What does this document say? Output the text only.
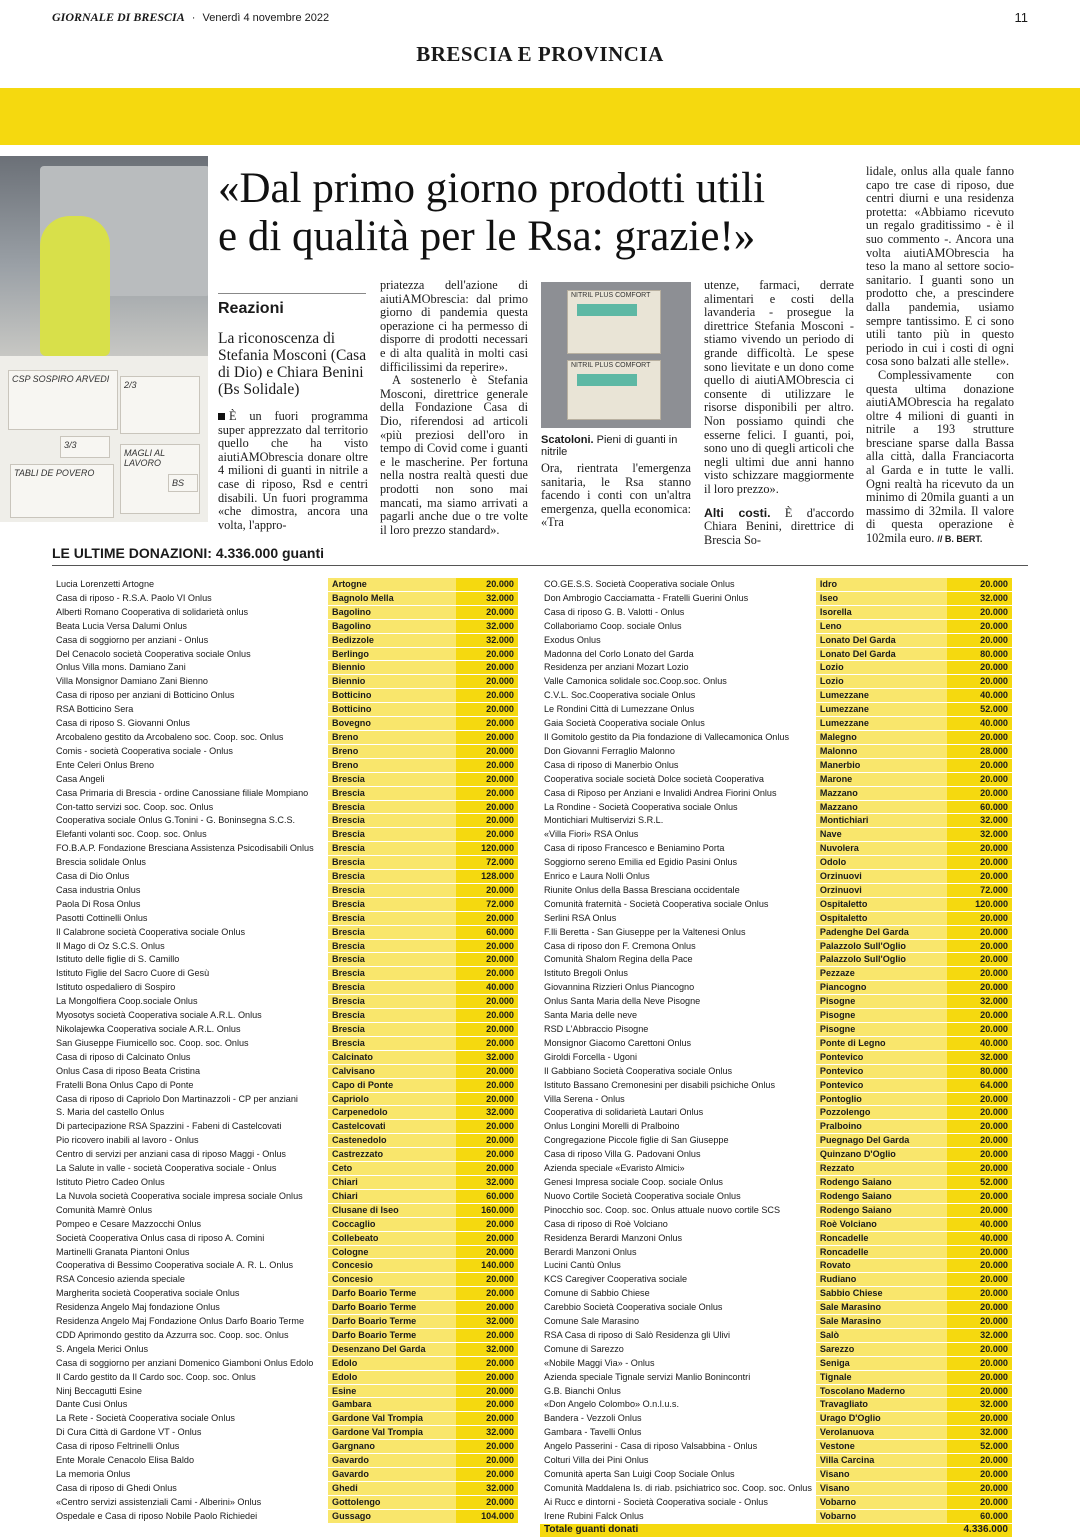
GIORNALE DI BRESCIA · Venerdì 4 novembre 2022	11
BRESCIA E PROVINCIA
CSP SOSPIRO ARVEDI
2/3
3/3
MAGLI AL LAVORO
TABLI DE POVERO
BS
«Dal primo giorno prodotti utili
e di qualità per le Rsa: grazie!»
Reazioni
La riconoscenza di Stefania Mosconi (Casa di Dio) e Chiara Benini (Bs Solidale)
È un fuori programma super apprezzato dal territorio quello che ha visto aiutiAMObrescia donare oltre 4 milioni di guanti in nitrile a case di riposo, Rsd e centri disabili. Un fuori programma «che dimostra, ancora una volta, l'appro-
priatezza dell'azione di aiutiAMObrescia: dal primo giorno di pandemia questa operazione ci ha permesso di disporre di prodotti necessari e di alta qualità in molti casi difficilissimi da reperire».
A sostenerlo è Stefania Mosconi, direttrice generale della Fondazione Casa di Dio, riferendosi ad articoli «più preziosi dell'oro in tempo di Covid come i guanti e le mascherine. Per fortuna nella nostra realtà questi due prodotti non sono mai mancati, ma siamo arrivati a pagarli anche due o tre volte il loro prezzo standard».
NITRIL PLUS COMFORT
NITRIL PLUS COMFORT
Scatoloni. Pieni di guanti in nitrile
Ora, rientrata l'emergenza sanitaria, le Rsa stanno facendo i conti con un'altra emergenza, quella economica: «Tra
utenze, farmaci, derrate alimentari e costi della lavanderia - prosegue la direttrice Stefania Mosconi - stiamo vivendo un periodo di grande difficoltà. Le spese sono lievitate e un dono come quello di aiutiAMObrescia ci consente di utilizzare le risorse disponibili per altro. Non possiamo quindi che esserne felici. I guanti, poi, sono uno di quegli articoli che negli ultimi due anni hanno visto schizzare maggiormente il loro prezzo».
Alti costi. È d'accordo Chiara Benini, direttrice di Brescia So-
lidale, onlus alla quale fanno capo tre case di riposo, due centri diurni e una residenza protetta: «Abbiamo ricevuto un regalo graditissimo - è il suo commento -. Ancora una volta aiutiAMObrescia ha teso la mano al settore socio-sanitario. I guanti sono un prodotto che, a prescindere dalla pandemia, usiamo sempre tantissimo. E ci sono utili tanto più in questo periodo in cui i costi di ogni cosa sono balzati alle stelle».
Complessivamente con questa ultima donazione aiutiAMObrescia ha regalato oltre 4 milioni di guanti in nitrile a 193 strutture bresciane sparse dalla Bassa alla città, dalla Franciacorta al Garda e in tutte le valli. Ogni realtà ha ricevuto da un minimo di 20mila guanti a un massimo di 32mila. Il valore di questa operazione è 102mila euro. // B. BERT.
LE ULTIME DONAZIONI: 4.336.000 guanti
Lucia Lorenzetti Artogne	Artogne	20.000
Casa di riposo - R.S.A. Paolo VI Onlus	Bagnolo Mella	32.000
Alberti Romano Cooperativa di solidarietà onlus	Bagolino	20.000
Beata Lucia Versa Dalumi Onlus	Bagolino	32.000
Casa di soggiorno per anziani - Onlus	Bedizzole	32.000
Del Cenacolo società Cooperativa sociale Onlus	Berlingo	20.000
Onlus Villa mons. Damiano Zani	Biennio	20.000
Villa Monsignor Damiano Zani Bienno	Biennio	20.000
Casa di riposo per anziani di Botticino Onlus	Botticino	20.000
RSA Botticino Sera	Botticino	20.000
Casa di riposo S. Giovanni Onlus	Bovegno	20.000
Arcobaleno gestito da Arcobaleno soc. Coop. soc. Onlus	Breno	20.000
Comis - società Cooperativa sociale - Onlus	Breno	20.000
Ente Celeri Onlus Breno	Breno	20.000
Casa Angeli	Brescia	20.000
Casa Primaria di Brescia - ordine Canossiane filiale Mompiano	Brescia	20.000
Con-tatto servizi soc. Coop. soc. Onlus	Brescia	20.000
Cooperativa sociale Onlus G.Tonini - G. Boninsegna S.C.S.	Brescia	20.000
Elefanti volanti soc. Coop. soc. Onlus	Brescia	20.000
FO.B.A.P. Fondazione Bresciana Assistenza Psicodisabili Onlus	Brescia	120.000
Brescia solidale Onlus	Brescia	72.000
Casa di Dio Onlus	Brescia	128.000
Casa industria Onlus	Brescia	20.000
Paola Di Rosa Onlus	Brescia	72.000
Pasotti Cottinelli Onlus	Brescia	20.000
Il Calabrone società Cooperativa sociale Onlus	Brescia	60.000
Il Mago di Oz S.C.S. Onlus	Brescia	20.000
Istituto delle figlie di S. Camillo	Brescia	20.000
Istituto Figlie del Sacro Cuore di Gesù	Brescia	20.000
Istituto ospedaliero di Sospiro	Brescia	40.000
La Mongolfiera Coop.sociale Onlus	Brescia	20.000
Myosotys società Cooperativa sociale A.R.L. Onlus	Brescia	20.000
Nikolajewka Cooperativa sociale A.R.L. Onlus	Brescia	20.000
San Giuseppe Fiumicello soc. Coop. soc. Onlus	Brescia	20.000
Casa di riposo di Calcinato Onlus	Calcinato	32.000
Onlus Casa di riposo Beata Cristina	Calvisano	20.000
Fratelli Bona Onlus Capo di Ponte	Capo di Ponte	20.000
Casa di riposo di Capriolo Don Martinazzoli - CP per anziani	Capriolo	20.000
S. Maria del castello Onlus	Carpenedolo	32.000
Di partecipazione RSA Spazzini - Fabeni di Castelcovati	Castelcovati	20.000
Pio ricovero inabili al lavoro - Onlus	Castenedolo	20.000
Centro di servizi per anziani casa di riposo Maggi - Onlus	Castrezzato	20.000
La Salute in valle - società Cooperativa sociale - Onlus	Ceto	20.000
Istituto Pietro Cadeo Onlus	Chiari	32.000
La Nuvola società Cooperativa sociale impresa sociale Onlus	Chiari	60.000
Comunità Mamrè Onlus	Clusane di Iseo	160.000
Pompeo e Cesare Mazzocchi Onlus	Coccaglio	20.000
Società Cooperativa Onlus casa di riposo A. Comini	Collebeato	20.000
Martinelli Granata Piantoni Onlus	Cologne	20.000
Cooperativa di Bessimo Cooperativa sociale A. R. L. Onlus	Concesio	140.000
RSA Concesio azienda speciale	Concesio	20.000
Margherita società Cooperativa sociale Onlus	Darfo Boario Terme	20.000
Residenza Angelo Maj fondazione Onlus	Darfo Boario Terme	20.000
Residenza Angelo Maj Fondazione Onlus Darfo Boario Terme	Darfo Boario Terme	32.000
CDD Aprimondo gestito da Azzurra soc. Coop. soc. Onlus	Darfo Boario Terme	20.000
S. Angela Merici Onlus	Desenzano Del Garda	32.000
Casa di soggiorno per anziani Domenico Giamboni Onlus Edolo	Edolo	20.000
Il Cardo gestito da Il Cardo soc. Coop. soc. Onlus	Edolo	20.000
Ninj Beccagutti Esine	Esine	20.000
Dante Cusi Onlus	Gambara	20.000
La Rete - Società Cooperativa sociale Onlus	Gardone Val Trompia	20.000
Di Cura Città di Gardone VT - Onlus	Gardone Val Trompia	32.000
Casa di riposo Feltrinelli Onlus	Gargnano	20.000
Ente Morale Cenacolo Elisa Baldo	Gavardo	20.000
La memoria Onlus	Gavardo	20.000
Casa di riposo di Ghedi Onlus	Ghedi	32.000
«Centro servizi assistenziali Cami - Alberini» Onlus	Gottolengo	20.000
Ospedale e Casa di riposo Nobile Paolo Richiedei	Gussago	104.000
CO.GE.S.S. Società Cooperativa sociale Onlus	Idro	20.000
Don Ambrogio Cacciamatta - Fratelli Guerini Onlus	Iseo	32.000
Casa di riposo G. B. Valotti - Onlus	Isorella	20.000
Collaboriamo Coop. sociale Onlus	Leno	20.000
Exodus Onlus	Lonato Del Garda	20.000
Madonna del Corlo Lonato del Garda	Lonato Del Garda	80.000
Residenza per anziani Mozart Lozio	Lozio	20.000
Valle Camonica solidale soc.Coop.soc. Onlus	Lozio	20.000
C.V.L. Soc.Cooperativa sociale Onlus	Lumezzane	40.000
Le Rondini Città di Lumezzane Onlus	Lumezzane	52.000
Gaia Società Cooperativa sociale Onlus	Lumezzane	40.000
Il Gomitolo gestito da Pia fondazione di Vallecamonica Onlus	Malegno	20.000
Don Giovanni Ferraglio Malonno	Malonno	28.000
Casa di riposo di Manerbio Onlus	Manerbio	20.000
Cooperativa sociale società Dolce società Cooperativa	Marone	20.000
Casa di Riposo per Anziani e Invalidi Andrea Fiorini Onlus	Mazzano	20.000
La Rondine - Società Cooperativa sociale Onlus	Mazzano	60.000
Montichiari Multiservizi S.R.L.	Montichiari	32.000
«Villa Fiori» RSA Onlus	Nave	32.000
Casa di riposo Francesco e Beniamino Porta	Nuvolera	20.000
Soggiorno sereno Emilia ed Egidio Pasini Onlus	Odolo	20.000
Enrico e Laura Nolli Onlus	Orzinuovi	20.000
Riunite Onlus della Bassa Bresciana occidentale	Orzinuovi	72.000
Comunità fraternità - Società Cooperativa sociale Onlus	Ospitaletto	120.000
Serlini RSA Onlus	Ospitaletto	20.000
F.lli Beretta - San Giuseppe per la Valtenesi Onlus	Padenghe Del Garda	20.000
Casa di riposo don F. Cremona Onlus	Palazzolo Sull'Oglio	20.000
Comunità Shalom Regina della Pace	Palazzolo Sull'Oglio	20.000
Istituto Bregoli Onlus	Pezzaze	20.000
Giovannina Rizzieri Onlus Piancogno	Piancogno	20.000
Onlus Santa Maria della Neve Pisogne	Pisogne	32.000
Santa Maria delle neve	Pisogne	20.000
RSD L'Abbraccio Pisogne	Pisogne	20.000
Monsignor Giacomo Carettoni Onlus	Ponte di Legno	40.000
Giroldi Forcella - Ugoni	Pontevico	32.000
Il Gabbiano Società Cooperativa sociale Onlus	Pontevico	80.000
Istituto Bassano Cremonesini per disabili psichiche Onlus	Pontevico	64.000
Villa Serena - Onlus	Pontoglio	20.000
Cooperativa di solidarietà Lautari Onlus	Pozzolengo	20.000
Onlus Longini Morelli di Pralboino	Pralboino	20.000
Congregazione Piccole figlie di San Giuseppe	Puegnago Del Garda	20.000
Casa di riposo Villa G. Padovani Onlus	Quinzano D'Oglio	20.000
Azienda speciale «Evaristo Almici»	Rezzato	20.000
Genesi Impresa sociale Coop. sociale Onlus	Rodengo Saiano	52.000
Nuovo Cortile Società Cooperativa sociale Onlus	Rodengo Saiano	20.000
Pinocchio soc. Coop. soc. Onlus attuale nuovo cortile SCS	Rodengo Saiano	20.000
Casa di riposo di Roè Volciano	Roè Volciano	40.000
Residenza Berardi Manzoni Onlus	Roncadelle	40.000
Berardi Manzoni Onlus	Roncadelle	20.000
Lucini Cantù Onlus	Rovato	20.000
KCS Caregiver Cooperativa sociale	Rudiano	20.000
Comune di Sabbio Chiese	Sabbio Chiese	20.000
Carebbio Società Cooperativa sociale Onlus	Sale Marasino	20.000
Comune Sale Marasino	Sale Marasino	20.000
RSA Casa di riposo di Salò Residenza gli Ulivi	Salò	32.000
Comune di Sarezzo	Sarezzo	20.000
«Nobile Maggi Via» - Onlus	Seniga	20.000
Azienda speciale Tignale servizi Manlio Bonincontri	Tignale	20.000
G.B. Bianchi Onlus	Toscolano Maderno	20.000
«Don Angelo Colombo» O.n.l.u.s.	Travagliato	32.000
Bandera - Vezzoli Onlus	Urago D'Oglio	20.000
Gambara - Tavelli Onlus	Verolanuova	32.000
Angelo Passerini - Casa di riposo Valsabbina - Onlus	Vestone	52.000
Colturi Villa dei Pini Onlus	Villa Carcina	20.000
Comunità aperta San Luigi Coop Sociale Onlus	Visano	20.000
Comunità Maddalena Is. di riab. psichiatrico soc. Coop. soc. Onlus	Visano	20.000
Ai Rucc e dintorni - Società Cooperativa sociale - Onlus	Vobarno	20.000
Irene Rubini Falck Onlus	Vobarno	60.000
Totale guanti donati		4.336.000
